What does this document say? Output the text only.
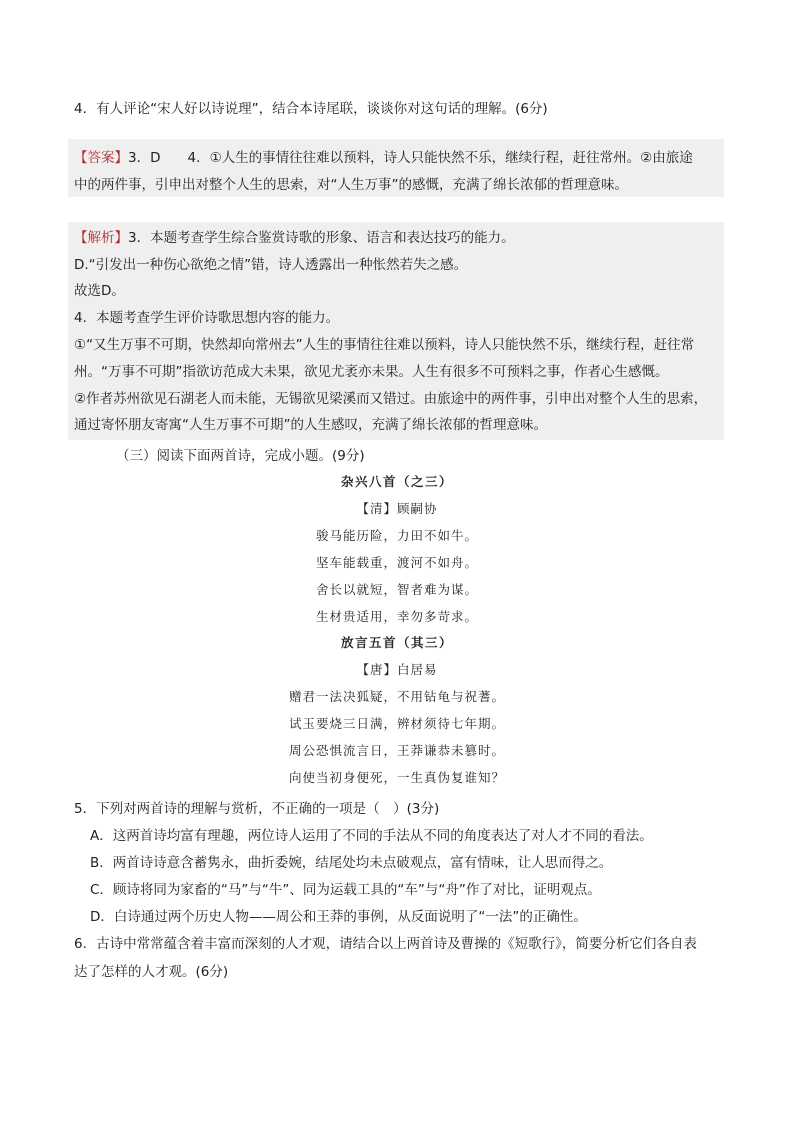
4．有人评论“宋人好以诗说理”，结合本诗尾联，谈谈你对这句话的理解。(6分)
【答案】3．D　　4．①人生的事情往往难以预料，诗人只能快然不乐，继续行程，赶往常州。②由旅途
中的两件事，引申出对整个人生的思索，对“人生万事”的感慨，充满了绵长浓郁的哲理意味。
【解析】3．本题考查学生综合鉴赏诗歌的形象、语言和表达技巧的能力。
D.“引发出一种伤心欲绝之情”错，诗人透露出一种怅然若失之感。
故选D。
4．本题考查学生评价诗歌思想内容的能力。
①“又生万事不可期，快然却向常州去”人生的事情往往难以预料，诗人只能快然不乐，继续行程，赶往常
州。“万事不可期”指欲访范成大未果，欲见尤袤亦未果。人生有很多不可预料之事，作者心生感慨。
②作者苏州欲见石湖老人而未能，无锡欲见梁溪而又错过。由旅途中的两件事，引申出对整个人生的思索，
通过寄怀朋友寄寓“人生万事不可期”的人生感叹，充满了绵长浓郁的哲理意味。
（三）阅读下面两首诗，完成小题。(9分)
杂兴八首（之三）
【清】顾嗣协
骏马能历险，力田不如牛。
坚车能载重，渡河不如舟。
舍长以就短，智者难为谋。
生材贵适用，幸勿多苛求。
放言五首（其三）
【唐】白居易
赠君一法决狐疑，不用钻龟与祝蓍。
试玉要烧三日满，辨材须待七年期。
周公恐惧流言日，王莽谦恭未篡时。
向使当初身便死，一生真伪复谁知？
5．下列对两首诗的理解与赏析，不正确的一项是（　）(3分)
A．这两首诗均富有理趣，两位诗人运用了不同的手法从不同的角度表达了对人才不同的看法。
B．两首诗诗意含蓄隽永，曲折委婉，结尾处均未点破观点，富有情味，让人思而得之。
C．顾诗将同为家畜的“马”与“牛”、同为运载工具的“车”与“舟”作了对比，证明观点。
D．白诗通过两个历史人物——周公和王莽的事例，从反面说明了“一法”的正确性。
6．古诗中常常蕴含着丰富而深刻的人才观，请结合以上两首诗及曹操的《短歌行》，简要分析它们各自表
达了怎样的人才观。(6分)
